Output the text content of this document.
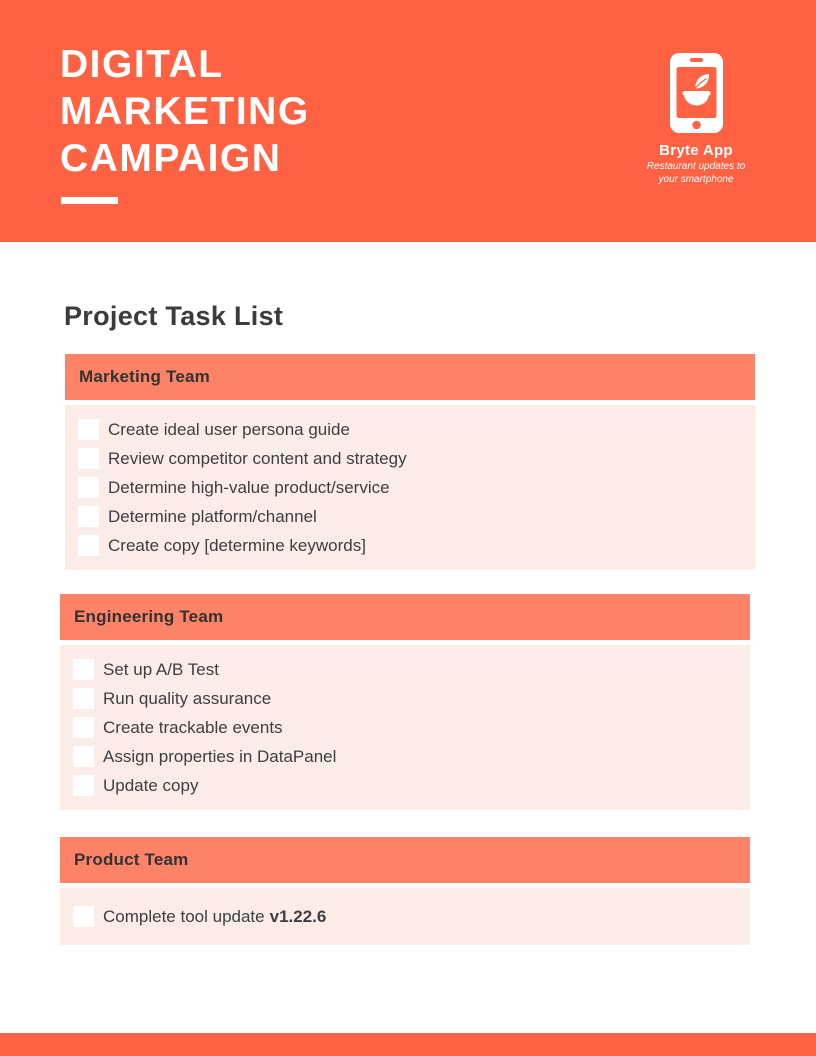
DIGITAL
MARKETING
CAMPAIGN	Bryte App
Restaurant updates to
your smartphone
Project Task List
Marketing Team
Create ideal user persona guide
Review competitor content and strategy
Determine high-value product/service
Determine platform/channel
Create copy [determine keywords]
Engineering Team
Set up A/B Test
Run quality assurance
Create trackable events
Assign properties in DataPanel
Update copy
Product Team
Complete tool update v1.22.6
